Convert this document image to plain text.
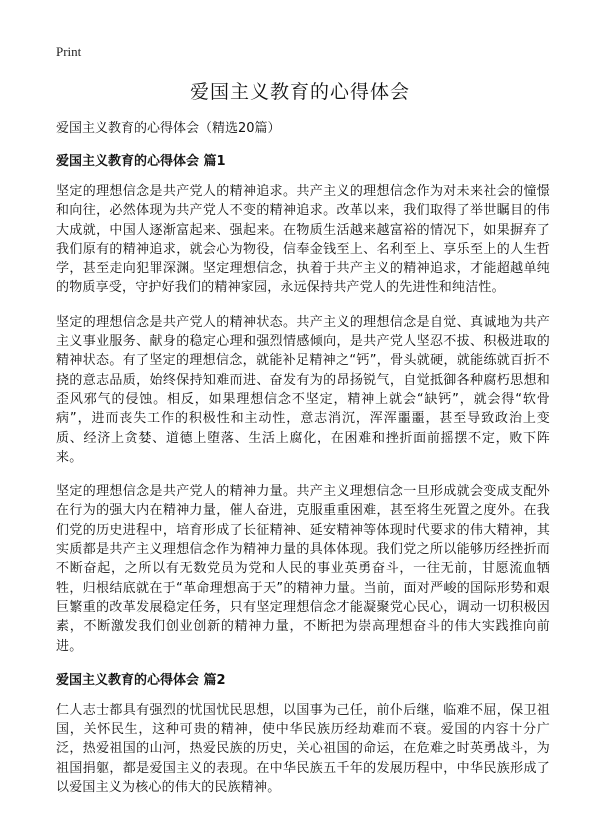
Print
爱国主义教育的心得体会

爱国主义教育的心得体会（精选20篇）

爱国主义教育的心得体会 篇1

坚定的理想信念是共产党人的精神追求。共产主义的理想信念作为对未来社会的憧憬和向往，必然体现为共产党人不变的精神追求。改革以来，我们取得了举世瞩目的伟大成就，中国人逐渐富起来、强起来。在物质生活越来越富裕的情况下，如果摒弃了我们原有的精神追求，就会心为物役，信奉金钱至上、名利至上、享乐至上的人生哲学，甚至走向犯罪深渊。坚定理想信念，执着于共产主义的精神追求，才能超越单纯的物质享受，守护好我们的精神家园，永远保持共产党人的先进性和纯洁性。

坚定的理想信念是共产党人的精神状态。共产主义的理想信念是自觉、真诚地为共产主义事业服务、献身的稳定心理和强烈情感倾向，是共产党人坚忍不拔、积极进取的精神状态。有了坚定的理想信念，就能补足精神之“钙”，骨头就硬，就能练就百折不挠的意志品质，始终保持知难而进、奋发有为的昂扬锐气，自觉抵御各种腐朽思想和歪风邪气的侵蚀。相反，如果理想信念不坚定，精神上就会“缺钙”，就会得“软骨病”，进而丧失工作的积极性和主动性，意志消沉，浑浑噩噩，甚至导致政治上变质、经济上贪婪、道德上堕落、生活上腐化，在困难和挫折面前摇摆不定，败下阵来。

坚定的理想信念是共产党人的精神力量。共产主义理想信念一旦形成就会变成支配外在行为的强大内在精神力量，催人奋进，克服重重困难，甚至将生死置之度外。在我们党的历史进程中，培育形成了长征精神、延安精神等体现时代要求的伟大精神，其实质都是共产主义理想信念作为精神力量的具体体现。我们党之所以能够历经挫折而不断奋起，之所以有无数党员为党和人民的事业英勇奋斗，一往无前，甘愿流血牺牲，归根结底就在于“革命理想高于天”的精神力量。当前，面对严峻的国际形势和艰巨繁重的改革发展稳定任务，只有坚定理想信念才能凝聚党心民心，调动一切积极因素，不断激发我们创业创新的精神力量，不断把为崇高理想奋斗的伟大实践推向前进。

爱国主义教育的心得体会 篇2

仁人志士都具有强烈的忧国忧民思想，以国事为己任，前仆后继，临难不屈，保卫祖国，关怀民生，这种可贵的精神，使中华民族历经劫难而不衰。爱国的内容十分广泛，热爱祖国的山河，热爱民族的历史，关心祖国的命运，在危难之时英勇战斗，为祖国捐躯，都是爱国主义的表现。在中华民族五千年的发展历程中，中华民族形成了以爱国主义为核心的伟大的民族精神。
